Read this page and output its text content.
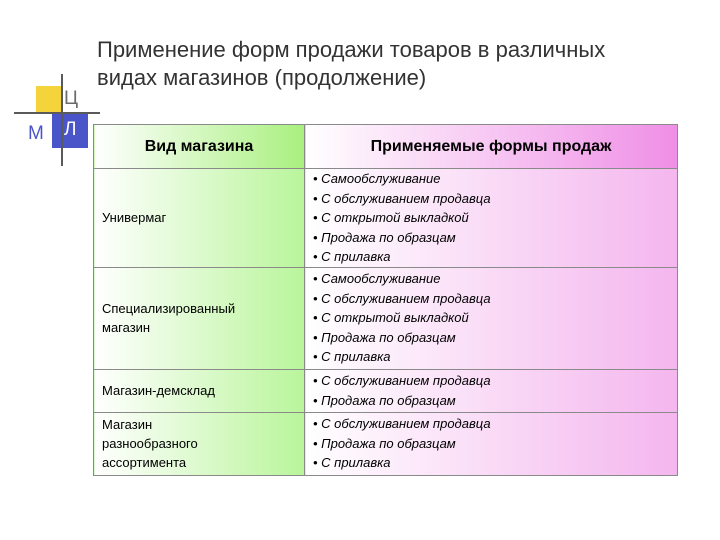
Применение форм продажи товаров в различных
видах магазинов (продолжение)
Ц
М Л
Вид магазина	Применяемые формы продаж

Универмаг	• Самообслуживание
• С обслуживанием продавца
• С открытой выкладкой
• Продажа по образцам
• С прилавка

Специализированный
магазин	• Самообслуживание
• С обслуживанием продавца
• С открытой выкладкой
• Продажа по образцам
• С прилавка

Магазин-демсклад	• С обслуживанием продавца
• Продажа по образцам

Магазин
разнообразного
ассортимента	• С обслуживанием продавца
• Продажа по образцам
• С прилавка
